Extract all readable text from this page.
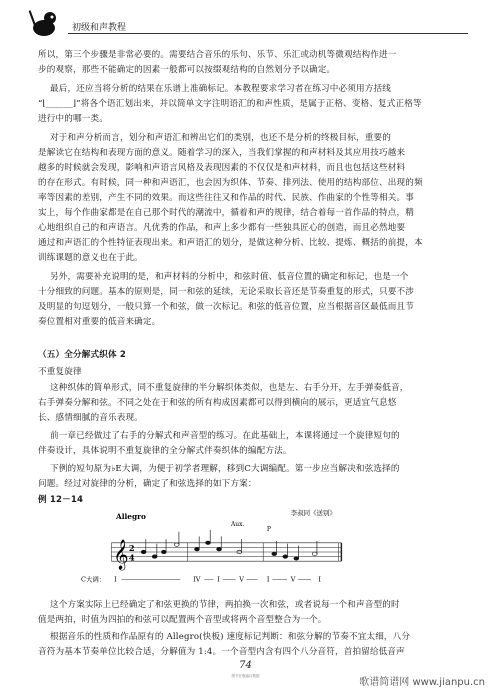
初级和声教程
所以，第三个步骤是非常必要的。需要结合音乐的乐句、乐节、乐汇或动机等微观结构作进一
步的观察，那些不能确定的因素一般都可以按缀观结构的自然划分予以确定。
最后，还应当将分析的结果在乐谱上准确标记。本教程要求学习者在练习中必须用方括线
“⌊______⌋”将各个语汇划出来，并以简单文字注明语汇的和声性质，是属于正格、变格、复式正格等
进行中的哪一类。
对于和声分析而言，划分和声语汇和辨出它们的类别，也还不是分析的终极目标，重要的
是解读它在结构和表现方面的意义。随着学习的深入，当我们掌握的和声材料及其应用技巧越来
越多的时候就会发现，影响和声语言风格及表现因素的不仅仅是和声材料，而且也包括这些材料
的存在形式。有时候，同一种和声语汇，也会因为织体、节奏、排列法、使用的结构部位、出现的频
率等因素的差别，产生不同的效果。而这些往往又和作品的时代、民族、作曲家的个性等相关。事
实上，每个作曲家都是在自己那个时代的潮流中，循着和声的规律，结合着每一首作品的特点，精
心地组织自己的和声语言。凡优秀的作品，和声上多少都有一些独具匠心的创造，而且必然地要
通过和声语汇的个性特征表现出来。和声语汇的划分，是做这种分析、比较、提炼、概括的前提，本
训练课题的意义也在于此。
另外，需要补充说明的是，和声材料的分析中，和弦时值、低音位置的确定和标记，也是一个
十分细致的问题。基本的原则是，同一和弦的延续，无论采取长音还是节奏重复的形式，只要不涉
及明显的句逗划分，一般只算一个和弦，做一次标记。和弦的低音位置，应当根据音区最低而且节
奏位置相对重要的低音来确定。
（五）全分解式织体 2
不重复旋律
这种织体的简单形式，同不重复旋律的半分解织体类似，也是左、右手分开，左手弹奏低音，
右手弹奏分解和弦。不同之处在于和弦的所有构成因素都可以得到横向的展示，更适宜气息悠
长、感情细腻的音乐表现。
前一章已经做过了右手的分解式和声音型的练习。在此基础上，本课将通过一个旋律短句的
伴奏设计，具体说明不重复旋律的全分解式伴奏织体的编配方法。
下例的短句原为♭E大调，为便于初学者理解，移到C大调编配。第一步应当解决和弦选择的
问题。经过对旋律的分析，确定了和弦选择的如下方案：
例 12－14
Allegro	李叔同《送别》
Aux.
P
𝄞 2
4
C大调： I	IV I	V	I	V	I
这个方案实际上已经确定了和弦更换的节律，两拍换一次和弦，或者说每一个和声音型的时
值是两拍，时值为四拍的和弦可以配置两个音型或将两个音型整合为一个。
根据音乐的性质和作品原有的 Allegro(快板) 速度标记判断：和弦分解的节奏不宜太细，八分
音符为基本节奏单位比较合适，分解值为 1:4。一个音型内含有四个八分音符，首拍留给低音声
74
图书在版编目数据
歌谱简谱网 www.jianpu.cn
